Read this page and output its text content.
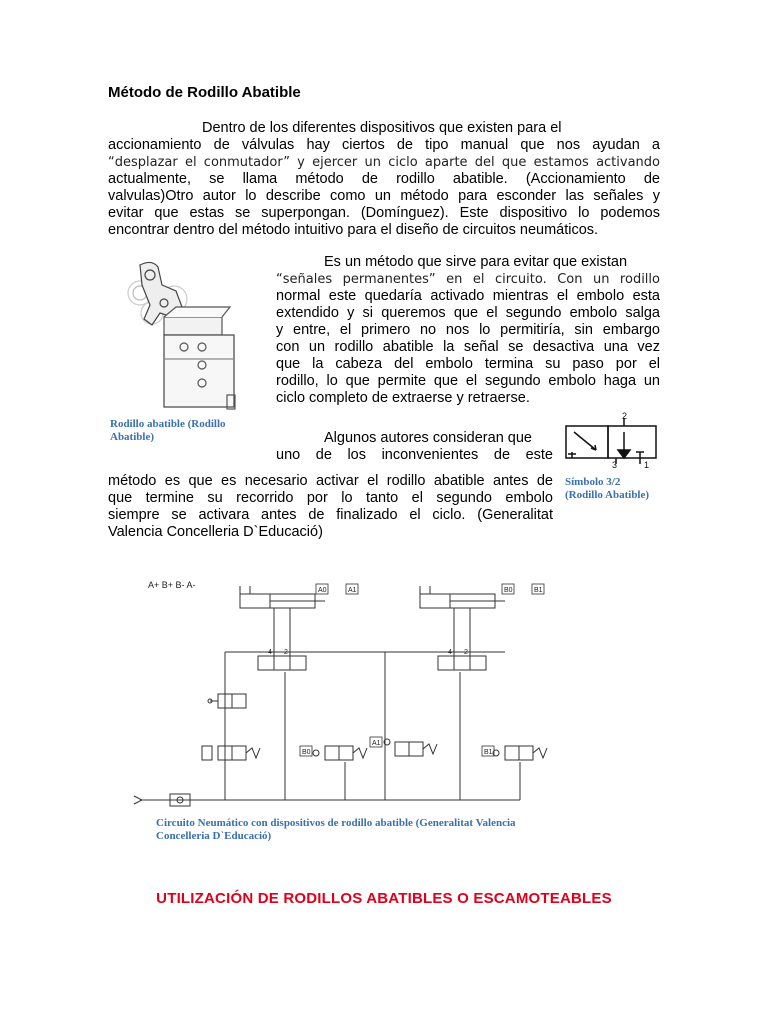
Método de Rodillo Abatible
Dentro de los diferentes dispositivos que existen para el
accionamiento de válvulas hay ciertos de tipo manual que nos ayudan a
“desplazar el conmutador” y ejercer un ciclo aparte del que estamos activando
actualmente, se llama método de rodillo abatible. (Accionamiento de
valvulas)Otro autor lo describe como un método para esconder las señales y
evitar que estas se superpongan. (Domínguez). Este dispositivo lo podemos
encontrar dentro del método intuitivo para el diseño de circuitos neumáticos.
Rodillo abatible (Rodillo
Abatible)
Es un método que sirve para evitar que existan
“señales permanentes” en el circuito. Con un rodillo
normal este quedaría activado mientras el embolo esta
extendido y si queremos que el segundo embolo salga
y entre, el primero no nos lo permitiría, sin embargo
con un rodillo abatible la señal se desactiva una vez
que la cabeza del embolo termina su paso por el
rodillo, lo que permite que el segundo embolo haga un
ciclo completo de extraerse y retraerse.
Algunos autores consideran que
uno de los inconvenientes de este
método es que es necesario activar el rodillo abatible antes de
que termine su recorrido por lo tanto el segundo embolo
siempre se activara antes de finalizado el ciclo. (Generalitat
Valencia Concelleria D`Educació)
2
3	1
Símbolo 3/2
(Rodillo Abatible)
A+ B+ B- A-
A0	A1	B0	B1
B0
A1
B1
4 2	4 2
Circuito Neumático con dispositivos de rodillo abatible (Generalitat Valencia
Concelleria D`Educació)
UTILIZACIÓN DE RODILLOS ABATIBLES O ESCAMOTEABLES
